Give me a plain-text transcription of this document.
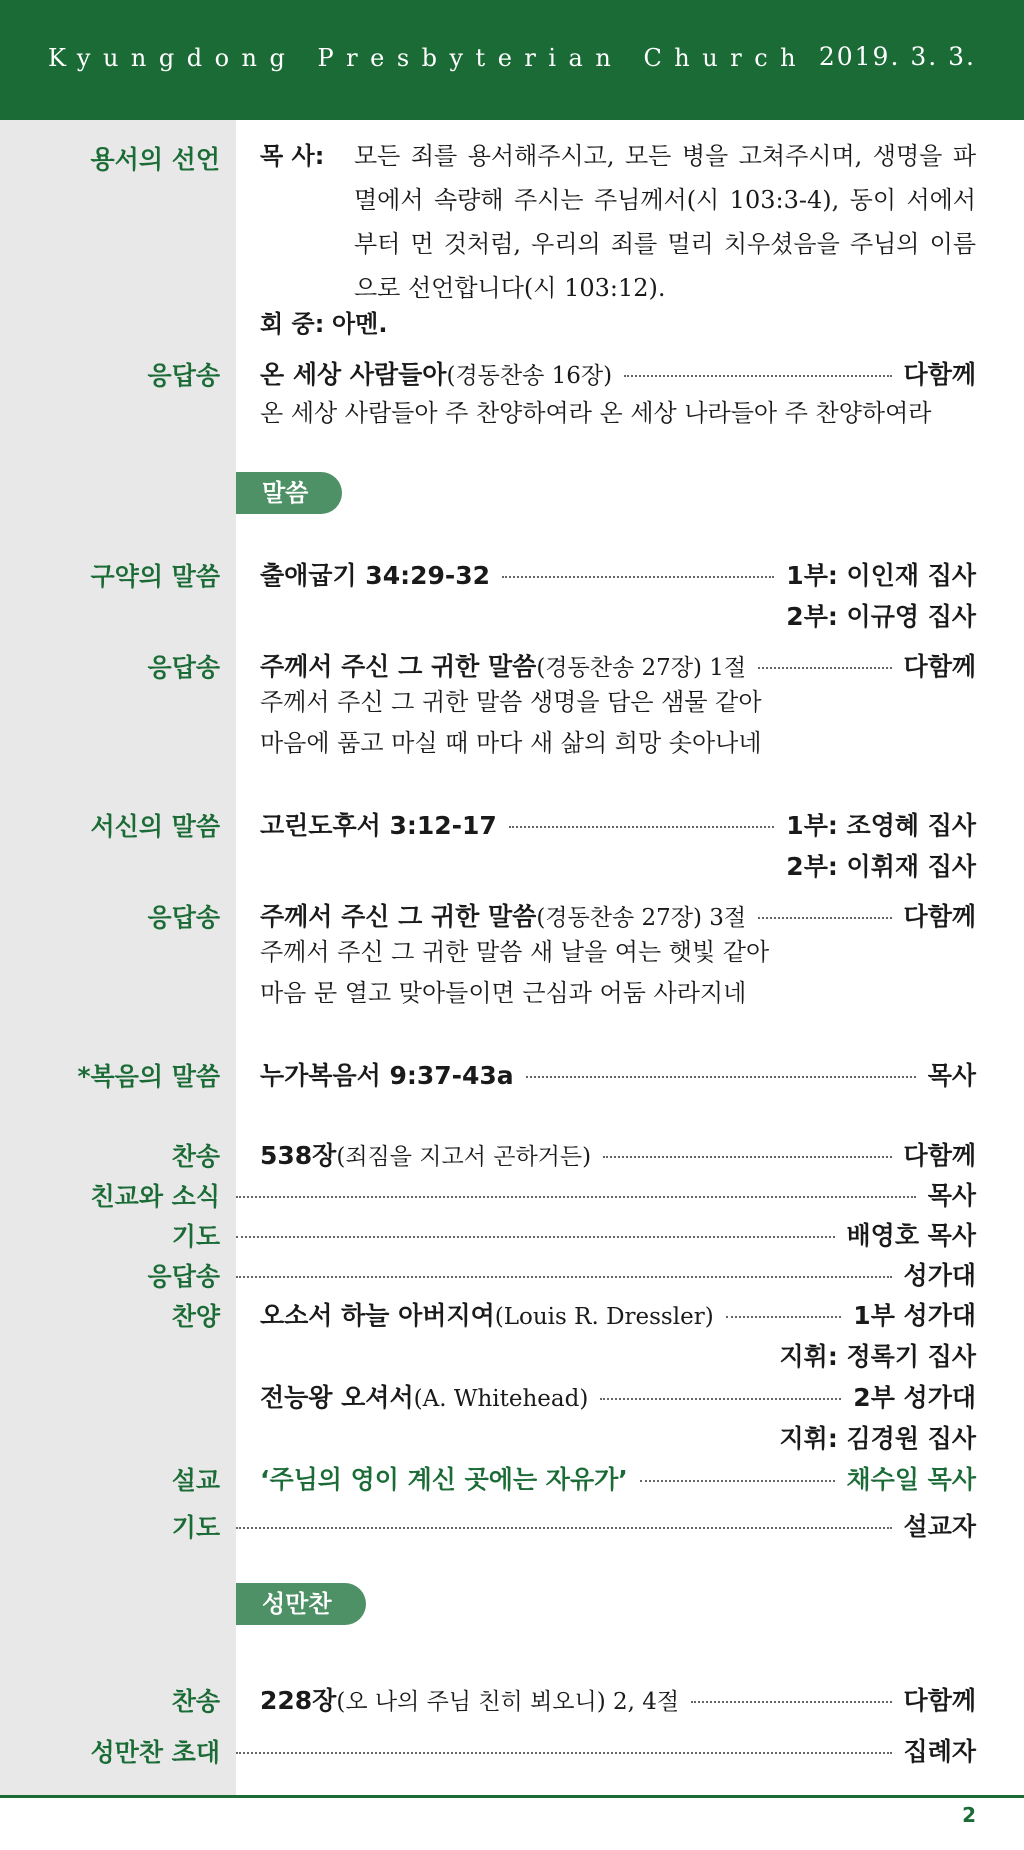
Kyungdong Presbyterian Church 2019. 3. 3.
용서의 선언 목 사: 모든 죄를 용서해주시고, 모든 병을 고쳐주시며, 생명을 파멸에서 속량해 주시는 주님께서(시 103:3-4), 동이 서에서부터 먼 것처럼, 우리의 죄를 멀리 치우셨음을 주님의 이름으로 선언합니다(시 103:12).
회 중: 아멘.
응답송 온 세상 사람들아 (경동찬송 16장)	다함께
온 세상 사람들아 주 찬양하여라 온 세상 나라들아 주 찬양하여라
말씀
구약의 말씀 출애굽기 34:29-32	1부: 이인재 집사
2부: 이규영 집사
응답송 주께서 주신 그 귀한 말씀 (경동찬송 27장) 1절	다함께
주께서 주신 그 귀한 말씀 생명을 담은 샘물 같아
마음에 품고 마실 때 마다 새 삶의 희망 솟아나네
서신의 말씀 고린도후서 3:12-17	1부: 조영혜 집사
2부: 이휘재 집사
응답송 주께서 주신 그 귀한 말씀 (경동찬송 27장) 3절	다함께
주께서 주신 그 귀한 말씀 새 날을 여는 햇빛 같아
마음 문 열고 맞아들이면 근심과 어둠 사라지네
*복음의 말씀 누가복음서 9:37-43a	목사
찬송 538장 (죄짐을 지고서 곤하거든)	다함께
친교와 소식	목사
기도	배영호 목사
응답송	성가대
찬양 오소서 하늘 아버지여 (Louis R. Dressler)	1부 성가대
지휘: 정록기 집사
전능왕 오셔서 (A. Whitehead)	2부 성가대
지휘: 김경원 집사
설교 ‘주님의 영이 계신 곳에는 자유가’	채수일 목사
기도	설교자
성만찬
찬송 228장 (오 나의 주님 친히 뵈오니) 2, 4절	다함께
성만찬 초대	집례자
2
